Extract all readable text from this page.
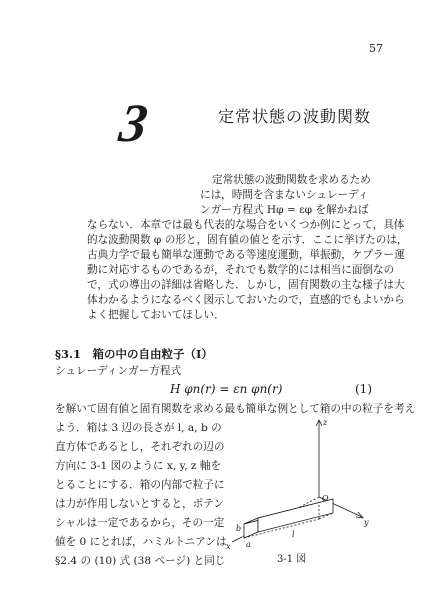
57
3	定常状態の波動関数
定常状態の波動関数を求めるため
には，時間を含まないシュレーディ
ンガー方程式 Hφ = εφ を解かねば
ならない．本章では最も代表的な場合をいくつか例にとって，具体
的な波動関数 φ の形と，固有値の値とを示す．ここに挙げたのは，
古典力学で最も簡単な運動である等速度運動，単振動，ケプラー運
動に対応するものであるが，それでも数学的には相当に面倒なの
で，式の導出の詳細は省略した．しかし，固有関数の主な様子は大
体わかるようになるべく図示しておいたので，直感的でもよいから
よく把握しておいてほしい．
§3.1　箱の中の自由粒子（I）
シュレーディンガー方程式
H φn(r) = εn φn(r)	(1)
を解いて固有値と固有関数を求める最も簡単な例として箱の中の粒子を考え
よう．箱は 3 辺の長さが l, a, b の
直方体であるとし，それぞれの辺の
方向に 3-1 図のように x, y, z 軸を
とることにする．箱の内部で粒子に
は力が作用しないとすると，ポテン
シャルは一定であるから，その一定
値を 0 にとれば，ハミルトニアンは
§2.4 の (10) 式 (38 ページ) と同じ
z
y
x
O
b
a
l
3-1 図
